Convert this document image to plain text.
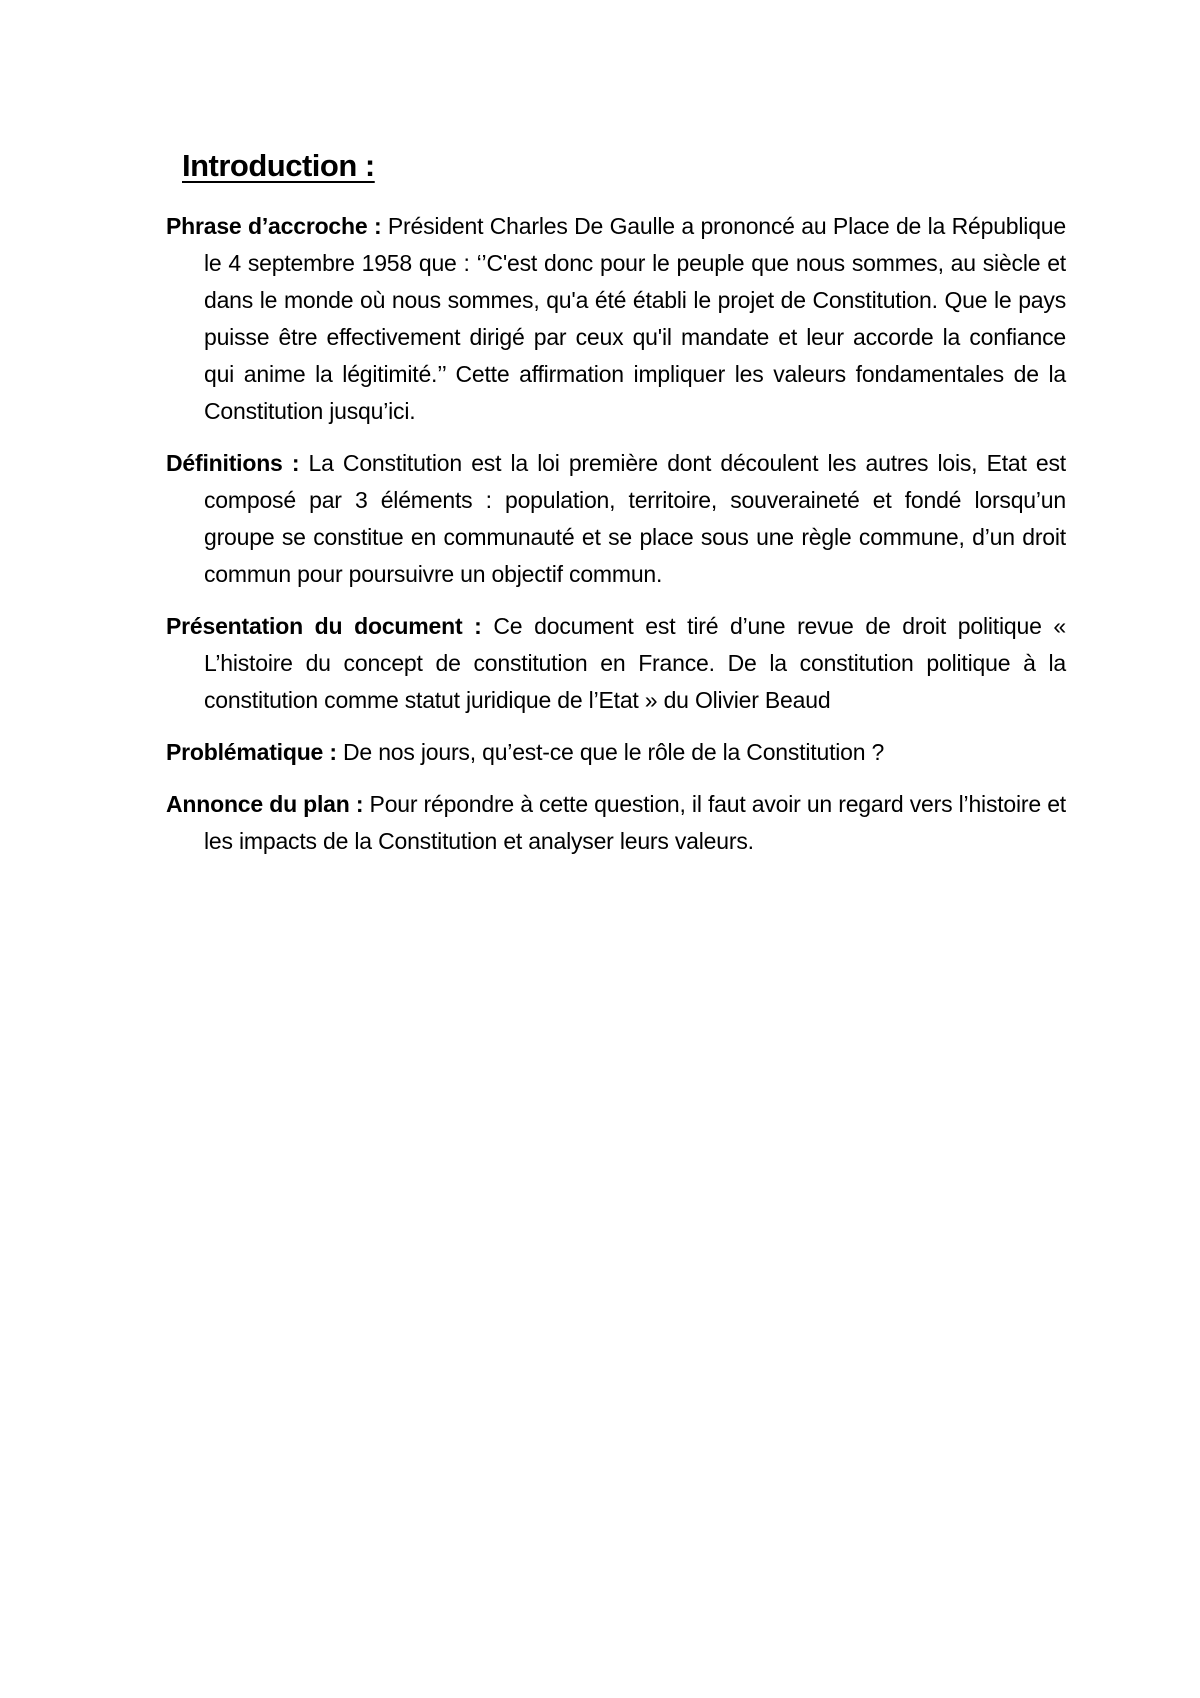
Introduction :

Phrase d’accroche : Président Charles De Gaulle a prononcé au Place de la République le 4 septembre 1958 que : ‘’C'est donc pour le peuple que nous sommes, au siècle et dans le monde où nous sommes, qu'a été établi le projet de Constitution. Que le pays puisse être effectivement dirigé par ceux qu'il mandate et leur accorde la confiance qui anime la légitimité.’’ Cette affirmation impliquer les valeurs fondamentales de la Constitution jusqu’ici.

Définitions : La Constitution est la loi première dont découlent les autres lois, Etat est composé par 3 éléments : population, territoire, souveraineté et fondé lorsqu’un groupe se constitue en communauté et se place sous une règle commune, d’un droit commun pour poursuivre un objectif commun.

Présentation du document : Ce document est tiré d’une revue de droit politique « L’histoire du concept de constitution en France. De la constitution politique à la constitution comme statut juridique de l’Etat » du Olivier Beaud

Problématique : De nos jours, qu’est-ce que le rôle de la Constitution ?

Annonce du plan : Pour répondre à cette question, il faut avoir un regard vers l’histoire et les impacts de la Constitution et analyser leurs valeurs.
